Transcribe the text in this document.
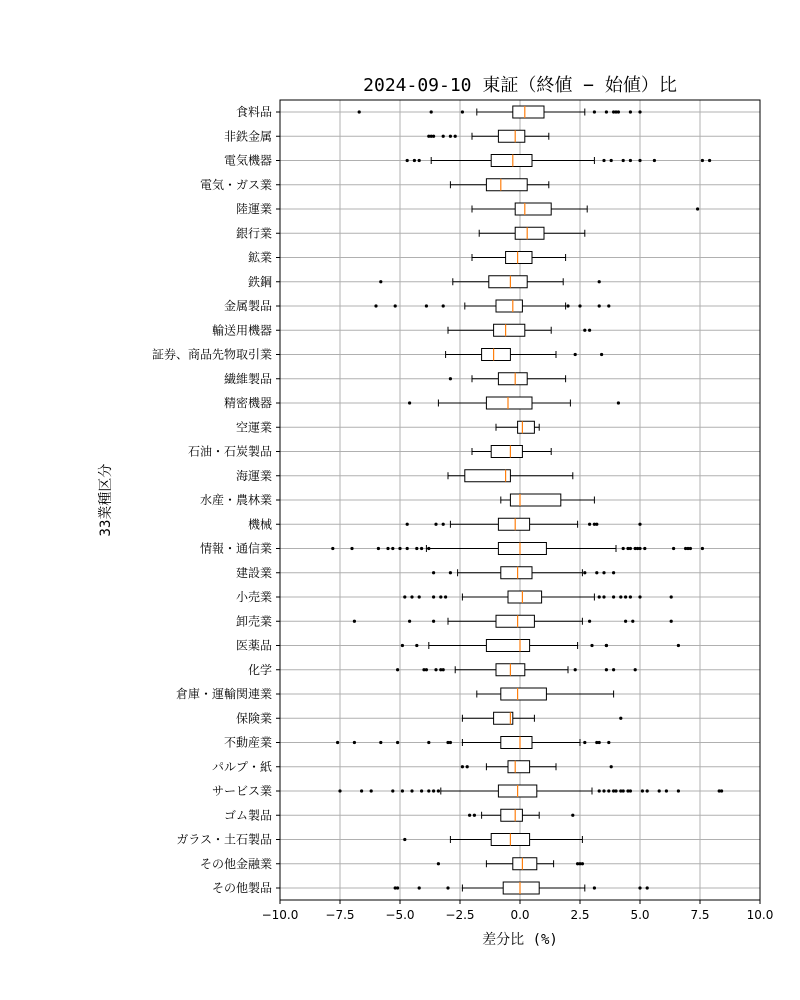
2024-09-10 東証（終値 − 始値）比
食料品
非鉄金属
電気機器
電気・ガス業
陸運業
銀行業
鉱業
鉄鋼
金属製品
輸送用機器
証券、商品先物取引業
繊維製品
精密機器
空運業
石油・石炭製品
海運業
水産・農林業
機械
情報・通信業
建設業
小売業
卸売業
医薬品
化学
倉庫・運輸関連業
保険業
不動産業
パルプ・紙
サービス業
ゴム製品
ガラス・土石製品
その他金融業
その他製品
−10.0 −7.5	−5.0	−2.5	0.0	2.5	5.0	7.5	10.0
差分比 (%)
33業種区分
